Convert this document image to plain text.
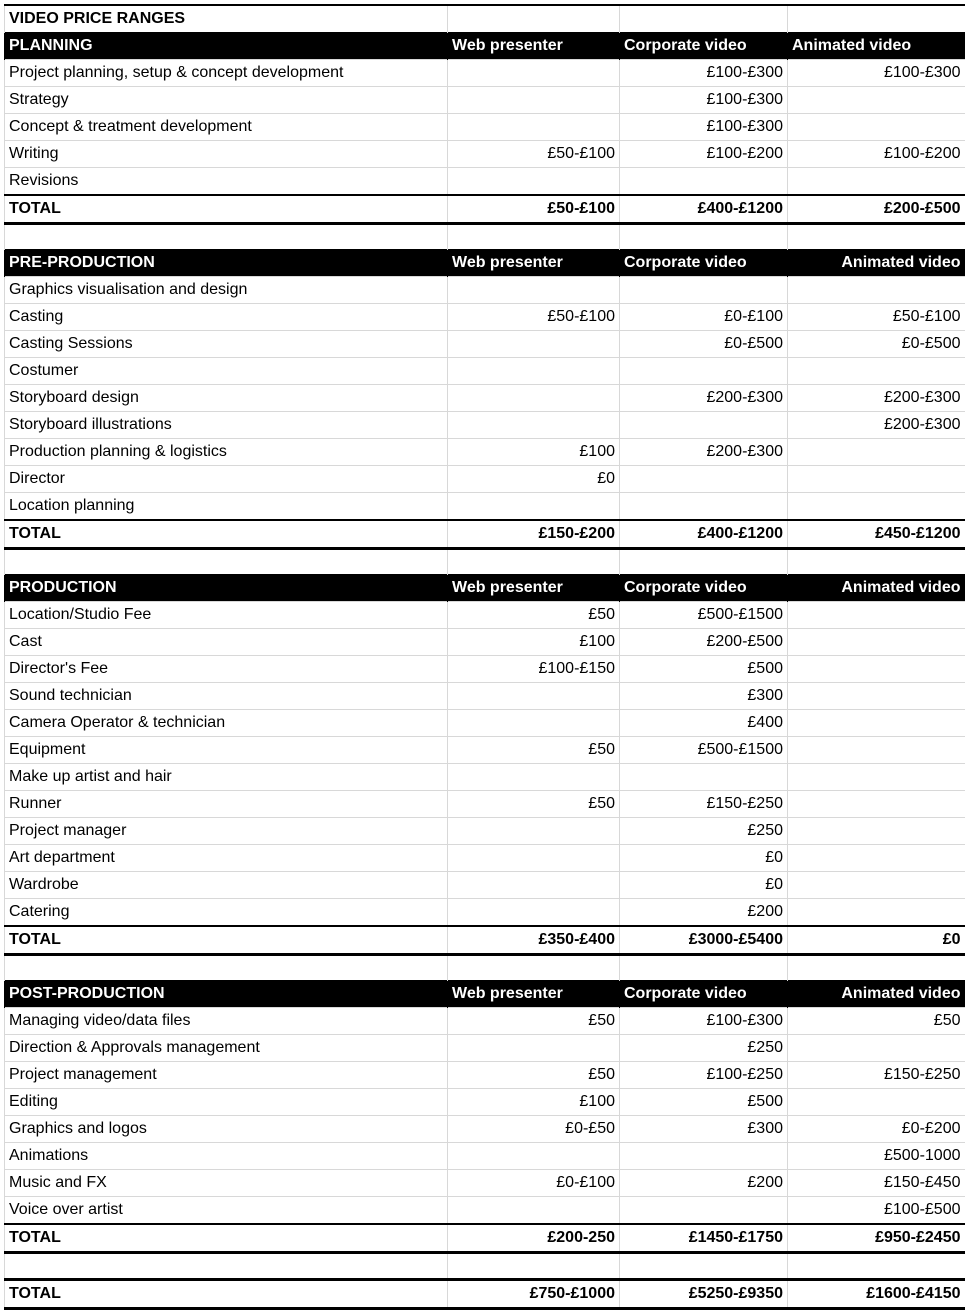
VIDEO PRICE RANGES			
PLANNING	Web presenter	Corporate video	Animated video
Project planning, setup & concept development		£100-£300	£100-£300
Strategy		£100-£300	
Concept & treatment development		£100-£300	
Writing	£50-£100	£100-£200	£100-£200
Revisions			
TOTAL	£50-£100	£400-£1200	£200-£500

PRE-PRODUCTION	Web presenter	Corporate video	Animated video
Graphics visualisation and design			
Casting	£50-£100	£0-£100	£50-£100
Casting Sessions		£0-£500	£0-£500
Costumer			
Storyboard design		£200-£300	£200-£300
Storyboard illustrations			£200-£300
Production planning & logistics	£100	£200-£300	
Director	£0		
Location planning			
TOTAL	£150-£200	£400-£1200	£450-£1200

PRODUCTION	Web presenter	Corporate video	Animated video
Location/Studio Fee	£50	£500-£1500	
Cast	£100	£200-£500	
Director's Fee	£100-£150	£500	
Sound technician		£300	
Camera Operator & technician		£400	
Equipment	£50	£500-£1500	
Make up artist and hair			
Runner	£50	£150-£250	
Project manager		£250	
Art department		£0	
Wardrobe		£0	
Catering		£200	
TOTAL	£350-£400	£3000-£5400	£0

POST-PRODUCTION	Web presenter	Corporate video	Animated video
Managing video/data files	£50	£100-£300	£50
Direction & Approvals management		£250	
Project management	£50	£100-£250	£150-£250
Editing	£100	£500	
Graphics and logos	£0-£50	£300	£0-£200
Animations			£500-1000
Music and FX	£0-£100	£200	£150-£450
Voice over artist			£100-£500
TOTAL	£200-250	£1450-£1750	£950-£2450

TOTAL	£750-£1000	£5250-£9350	£1600-£4150
